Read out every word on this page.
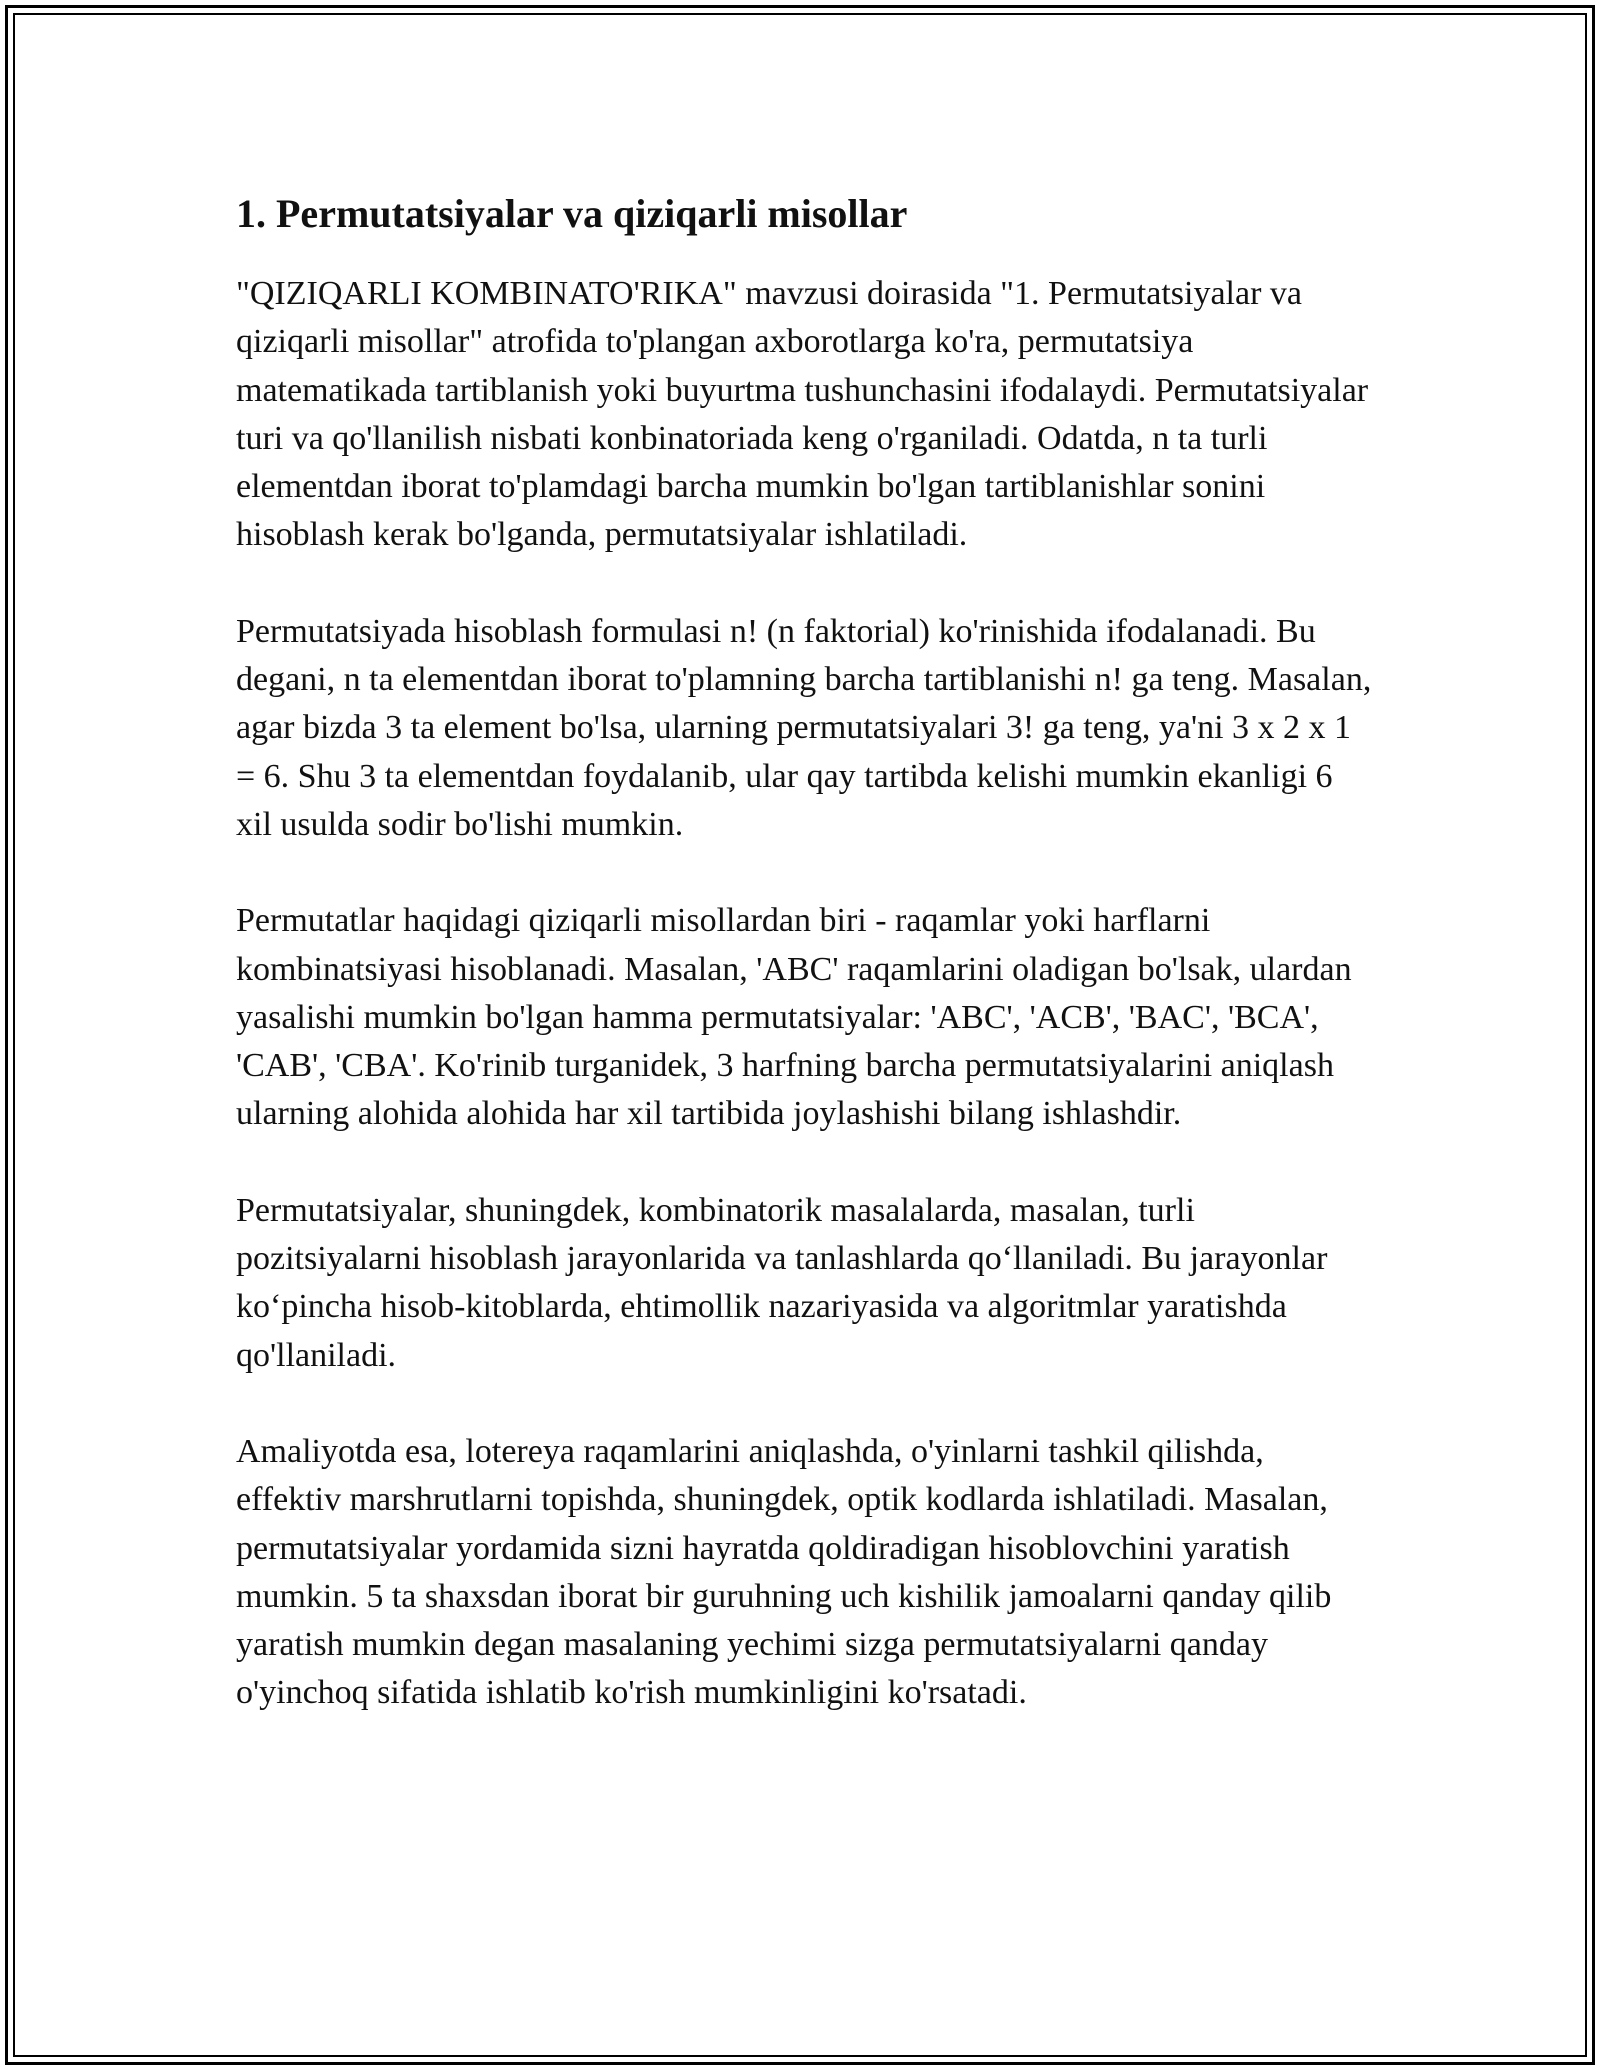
1. Permutatsiyalar va qiziqarli misollar

"QIZIQARLI KOMBINATO'RIKA" mavzusi doirasida "1. Permutatsiyalar va qiziqarli misollar" atrofida to'plangan axborotlarga ko'ra, permutatsiya matematikada tartiblanish yoki buyurtma tushunchasini ifodalaydi. Permutatsiyalar turi va qo'llanilish nisbati konbinatoriada keng o'rganiladi. Odatda, n ta turli elementdan iborat to'plamdagi barcha mumkin bo'lgan tartiblanishlar sonini hisoblash kerak bo'lganda, permutatsiyalar ishlatiladi.

Permutatsiyada hisoblash formulasi n! (n faktorial) ko'rinishida ifodalanadi. Bu degani, n ta elementdan iborat to'plamning barcha tartiblanishi n! ga teng. Masalan, agar bizda 3 ta element bo'lsa, ularning permutatsiyalari 3! ga teng, ya'ni 3 x 2 x 1 = 6. Shu 3 ta elementdan foydalanib, ular qay tartibda kelishi mumkin ekanligi 6 xil usulda sodir bo'lishi mumkin.

Permutatlar haqidagi qiziqarli misollardan biri - raqamlar yoki harflarni kombinatsiyasi hisoblanadi. Masalan, 'ABC' raqamlarini oladigan bo'lsak, ulardan yasalishi mumkin bo'lgan hamma permutatsiyalar: 'ABC', 'ACB', 'BAC', 'BCA', 'CAB', 'CBA'. Ko'rinib turganidek, 3 harfning barcha permutatsiyalarini aniqlash ularning alohida alohida har xil tartibida joylashishi bilang ishlashdir.

Permutatsiyalar, shuningdek, kombinatorik masalalarda, masalan, turli pozitsiyalarni hisoblash jarayonlarida va tanlashlarda qo‘llaniladi. Bu jarayonlar ko‘pincha hisob-kitoblarda, ehtimollik nazariyasida va algoritmlar yaratishda qo'llaniladi.

Amaliyotda esa, lotereya raqamlarini aniqlashda, o'yinlarni tashkil qilishda, effektiv marshrutlarni topishda, shuningdek, optik kodlarda ishlatiladi. Masalan, permutatsiyalar yordamida sizni hayratda qoldiradigan hisoblovchini yaratish mumkin. 5 ta shaxsdan iborat bir guruhning uch kishilik jamoalarni qanday qilib yaratish mumkin degan masalaning yechimi sizga permutatsiyalarni qanday o'yinchoq sifatida ishlatib ko'rish mumkinligini ko'rsatadi.
